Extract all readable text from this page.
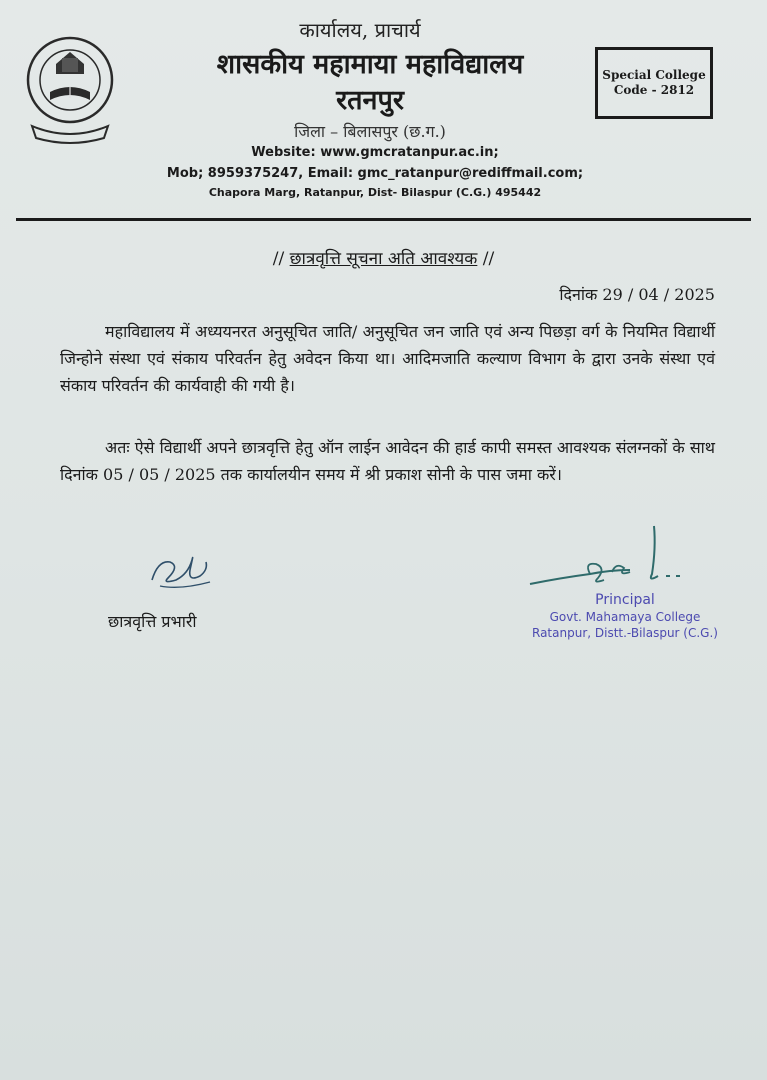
कार्यालय, प्राचार्य
शासकीय महामाया महाविद्यालय
रतनपुर
जिला – बिलासपुर (छ.ग.)
Website: www.gmcratanpur.ac.in;
Mob; 8959375247, Email: gmc_ratanpur@rediffmail.com;
Chapora Marg, Ratanpur, Dist- Bilaspur (C.G.) 495442
Special College
Code - 2812
// छात्रवृत्ति सूचना अति आवश्यक //
दिनांक 29 / 04 / 2025
महाविद्यालय में अध्ययनरत अनुसूचित जाति/ अनुसूचित जन जाति एवं अन्य पिछड़ा वर्ग के नियमित विद्यार्थी जिन्होने संस्था एवं संकाय परिवर्तन हेतु अवेदन किया था। आदिमजाति कल्याण विभाग के द्वारा उनके संस्था एवं संकाय परिवर्तन की कार्यवाही की गयी है।
अतः ऐसे विद्यार्थी अपने छात्रवृत्ति हेतु ऑन लाईन आवेदन की हार्ड कापी समस्त आवश्यक संलग्नकों के साथ दिनांक 05 / 05 / 2025 तक कार्यालयीन समय में श्री प्रकाश सोनी के पास जमा करें।
छात्रवृत्ति प्रभारी
Principal
Govt. Mahamaya College
Ratanpur, Distt.-Bilaspur (C.G.)
